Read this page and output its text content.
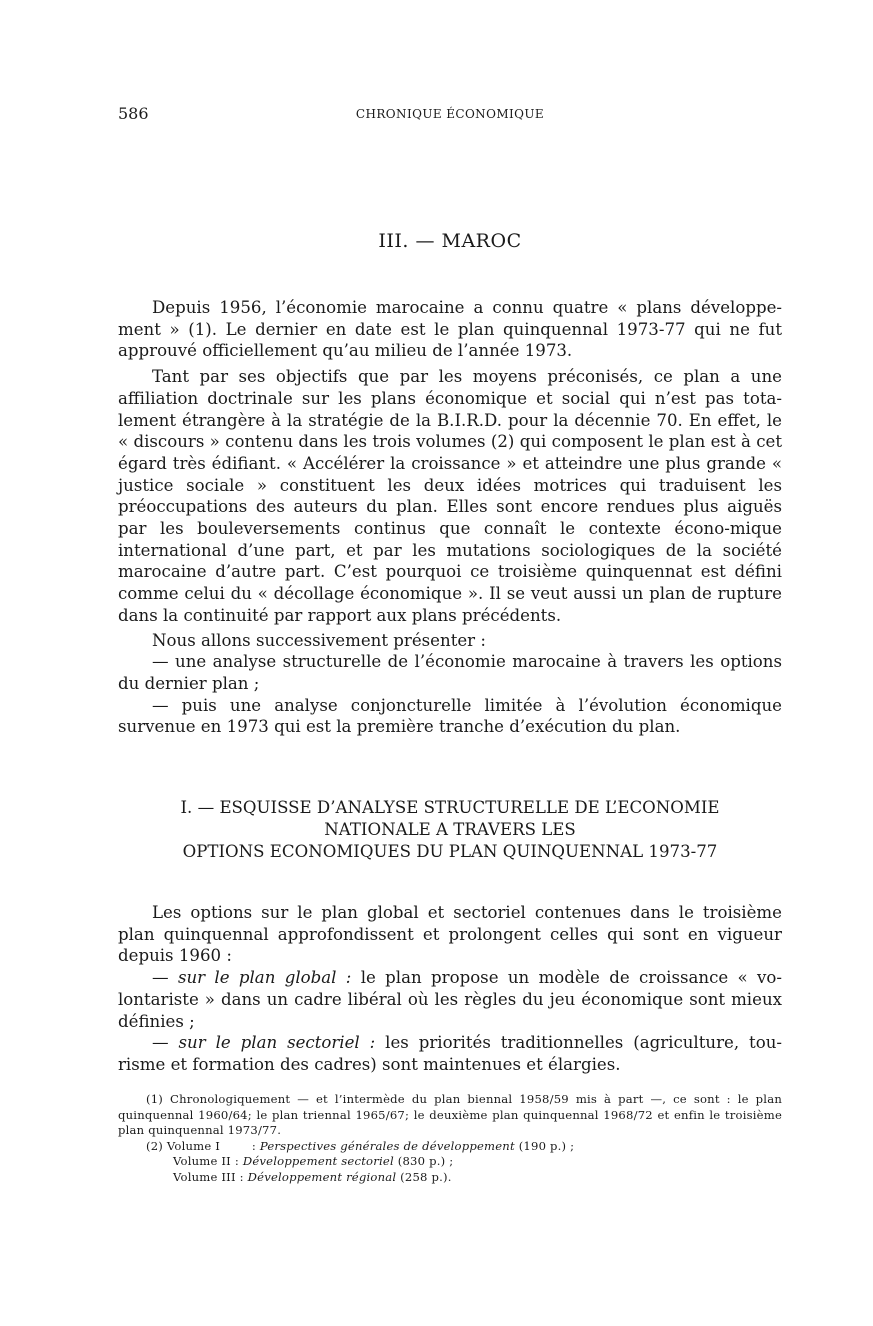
586	CHRONIQUE ÉCONOMIQUE
III. — MAROC

Depuis 1956, l’économie marocaine a connu quatre « plans développe-ment » (1). Le dernier en date est le plan quinquennal 1973-77 qui ne fut approuvé officiellement qu’au milieu de l’année 1973.

Tant par ses objectifs que par les moyens préconisés, ce plan a une affiliation doctrinale sur les plans économique et social qui n’est pas tota-lement étrangère à la stratégie de la B.I.R.D. pour la décennie 70. En effet, le « discours » contenu dans les trois volumes (2) qui composent le plan est à cet égard très édifiant. « Accélérer la croissance » et atteindre une plus grande « justice sociale » constituent les deux idées motrices qui traduisent les préoccupations des auteurs du plan. Elles sont encore rendues plus aiguës par les bouleversements continus que connaît le contexte écono-mique international d’une part, et par les mutations sociologiques de la société marocaine d’autre part. C’est pourquoi ce troisième quinquennat est défini comme celui du « décollage économique ». Il se veut aussi un plan de rupture dans la continuité par rapport aux plans précédents.

Nous allons successivement présenter :

— une analyse structurelle de l’économie marocaine à travers les options du dernier plan ;

— puis une analyse conjoncturelle limitée à l’évolution économique survenue en 1973 qui est la première tranche d’exécution du plan.

I. — ESQUISSE D’ANALYSE STRUCTURELLE DE L’ECONOMIE
NATIONALE A TRAVERS LES
OPTIONS ECONOMIQUES DU PLAN QUINQUENNAL 1973-77

Les options sur le plan global et sectoriel contenues dans le troisième plan quinquennal approfondissent et prolongent celles qui sont en vigueur depuis 1960 :

— sur le plan global : le plan propose un modèle de croissance « vo-lontariste » dans un cadre libéral où les règles du jeu économique sont mieux définies ;

— sur le plan sectoriel : les priorités traditionnelles (agriculture, tou-risme et formation des cadres) sont maintenues et élargies.

(1) Chronologiquement — et l’intermède du plan biennal 1958/59 mis à part —, ce sont : le plan quinquennal 1960/64; le plan triennal 1965/67; le deuxième plan quinquennal 1968/72 et enfin le troisième plan quinquennal 1973/77.

(2) Volume I  : Perspectives générales de développement (190 p.) ;

Volume II : Développement sectoriel (830 p.) ;

Volume III : Développement régional (258 p.).
